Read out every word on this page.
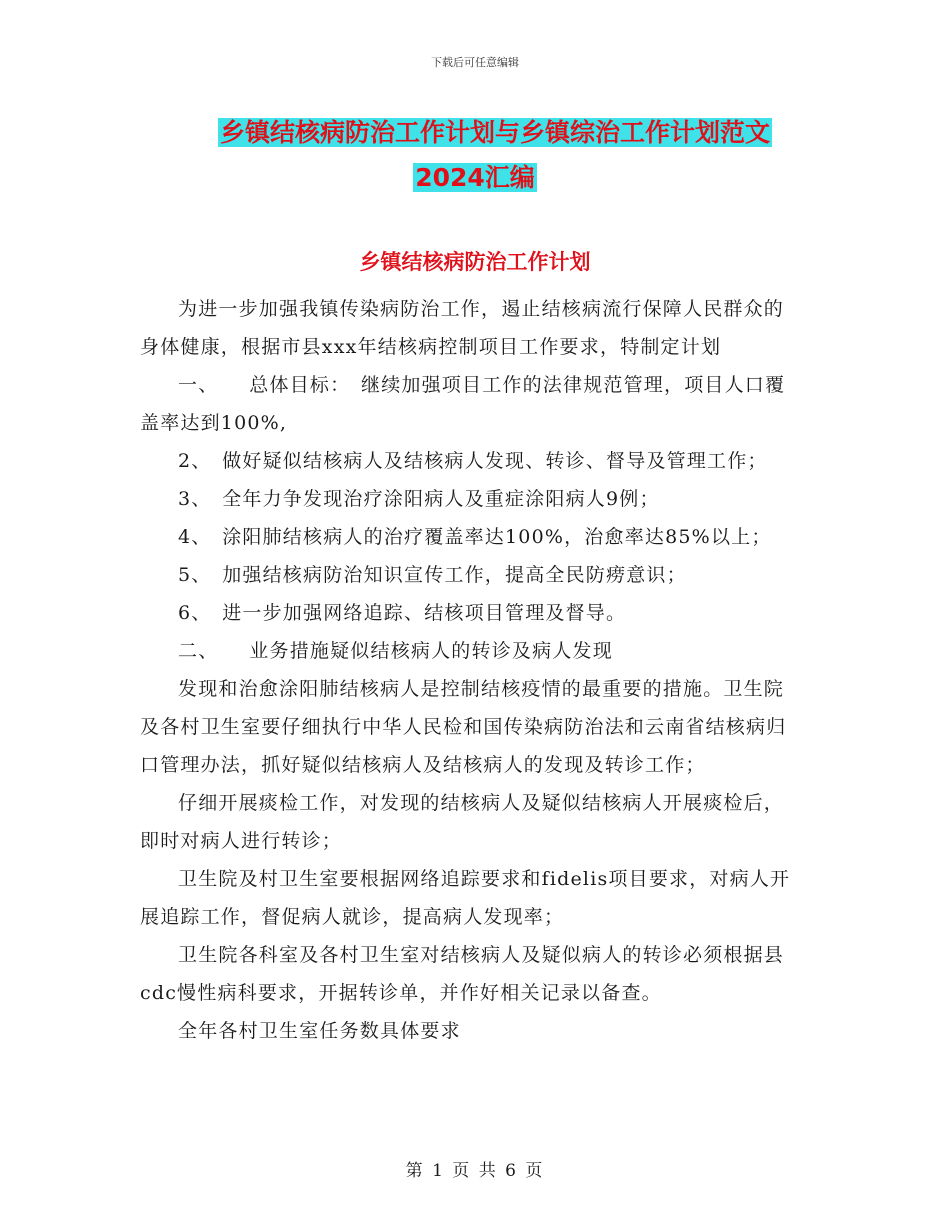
下载后可任意编辑
乡镇结核病防治工作计划与乡镇综治工作计划范文
2024汇编
乡镇结核病防治工作计划

为进一步加强我镇传染病防治工作，遏止结核病流行保障人民群众的身体健康，根据市县xxx年结核病控制项目工作要求，特制定计划

一、　　总体目标：　继续加强项目工作的法律规范管理，项目人口覆盖率达到100%,

2、　做好疑似结核病人及结核病人发现、转诊、督导及管理工作；

3、　全年力争发现治疗涂阳病人及重症涂阳病人9例；

4、　涂阳肺结核病人的治疗覆盖率达100%，治愈率达85%以上；

5、　加强结核病防治知识宣传工作，提高全民防痨意识；

6、　进一步加强网络追踪、结核项目管理及督导。

二、　　业务措施疑似结核病人的转诊及病人发现

发现和治愈涂阳肺结核病人是控制结核疫情的最重要的措施。卫生院及各村卫生室要仔细执行中华人民检和国传染病防治法和云南省结核病归口管理办法，抓好疑似结核病人及结核病人的发现及转诊工作；

仔细开展痰检工作，对发现的结核病人及疑似结核病人开展痰检后，即时对病人进行转诊；

卫生院及村卫生室要根据网络追踪要求和fidelis项目要求，对病人开展追踪工作，督促病人就诊，提高病人发现率；

卫生院各科室及各村卫生室对结核病人及疑似病人的转诊必须根据县cdc慢性病科要求，开据转诊单，并作好相关记录以备查。

全年各村卫生室任务数具体要求

第 1 页 共 6 页
